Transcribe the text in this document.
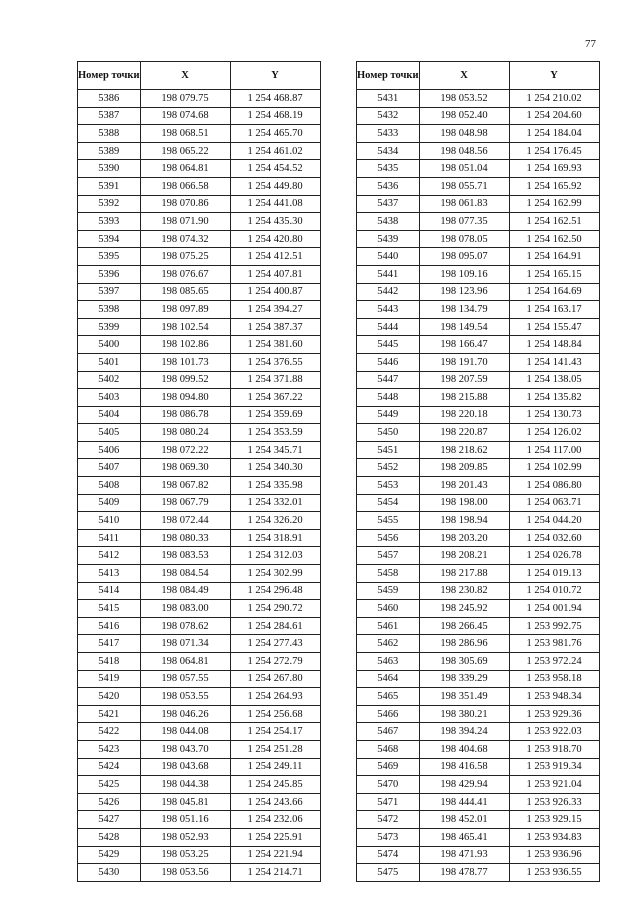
77
Номер точки	X	Y
5386	198 079.75	1 254 468.87
5387	198 074.68	1 254 468.19
5388	198 068.51	1 254 465.70
5389	198 065.22	1 254 461.02
5390	198 064.81	1 254 454.52
5391	198 066.58	1 254 449.80
5392	198 070.86	1 254 441.08
5393	198 071.90	1 254 435.30
5394	198 074.32	1 254 420.80
5395	198 075.25	1 254 412.51
5396	198 076.67	1 254 407.81
5397	198 085.65	1 254 400.87
5398	198 097.89	1 254 394.27
5399	198 102.54	1 254 387.37
5400	198 102.86	1 254 381.60
5401	198 101.73	1 254 376.55
5402	198 099.52	1 254 371.88
5403	198 094.80	1 254 367.22
5404	198 086.78	1 254 359.69
5405	198 080.24	1 254 353.59
5406	198 072.22	1 254 345.71
5407	198 069.30	1 254 340.30
5408	198 067.82	1 254 335.98
5409	198 067.79	1 254 332.01
5410	198 072.44	1 254 326.20
5411	198 080.33	1 254 318.91
5412	198 083.53	1 254 312.03
5413	198 084.54	1 254 302.99
5414	198 084.49	1 254 296.48
5415	198 083.00	1 254 290.72
5416	198 078.62	1 254 284.61
5417	198 071.34	1 254 277.43
5418	198 064.81	1 254 272.79
5419	198 057.55	1 254 267.80
5420	198 053.55	1 254 264.93
5421	198 046.26	1 254 256.68
5422	198 044.08	1 254 254.17
5423	198 043.70	1 254 251.28
5424	198 043.68	1 254 249.11
5425	198 044.38	1 254 245.85
5426	198 045.81	1 254 243.66
5427	198 051.16	1 254 232.06
5428	198 052.93	1 254 225.91
5429	198 053.25	1 254 221.94
5430	198 053.56	1 254 214.71
Номер точки	X	Y
5431	198 053.52	1 254 210.02
5432	198 052.40	1 254 204.60
5433	198 048.98	1 254 184.04
5434	198 048.56	1 254 176.45
5435	198 051.04	1 254 169.93
5436	198 055.71	1 254 165.92
5437	198 061.83	1 254 162.99
5438	198 077.35	1 254 162.51
5439	198 078.05	1 254 162.50
5440	198 095.07	1 254 164.91
5441	198 109.16	1 254 165.15
5442	198 123.96	1 254 164.69
5443	198 134.79	1 254 163.17
5444	198 149.54	1 254 155.47
5445	198 166.47	1 254 148.84
5446	198 191.70	1 254 141.43
5447	198 207.59	1 254 138.05
5448	198 215.88	1 254 135.82
5449	198 220.18	1 254 130.73
5450	198 220.87	1 254 126.02
5451	198 218.62	1 254 117.00
5452	198 209.85	1 254 102.99
5453	198 201.43	1 254 086.80
5454	198 198.00	1 254 063.71
5455	198 198.94	1 254 044.20
5456	198 203.20	1 254 032.60
5457	198 208.21	1 254 026.78
5458	198 217.88	1 254 019.13
5459	198 230.82	1 254 010.72
5460	198 245.92	1 254 001.94
5461	198 266.45	1 253 992.75
5462	198 286.96	1 253 981.76
5463	198 305.69	1 253 972.24
5464	198 339.29	1 253 958.18
5465	198 351.49	1 253 948.34
5466	198 380.21	1 253 929.36
5467	198 394.24	1 253 922.03
5468	198 404.68	1 253 918.70
5469	198 416.58	1 253 919.34
5470	198 429.94	1 253 921.04
5471	198 444.41	1 253 926.33
5472	198 452.01	1 253 929.15
5473	198 465.41	1 253 934.83
5474	198 471.93	1 253 936.96
5475	198 478.77	1 253 936.55
